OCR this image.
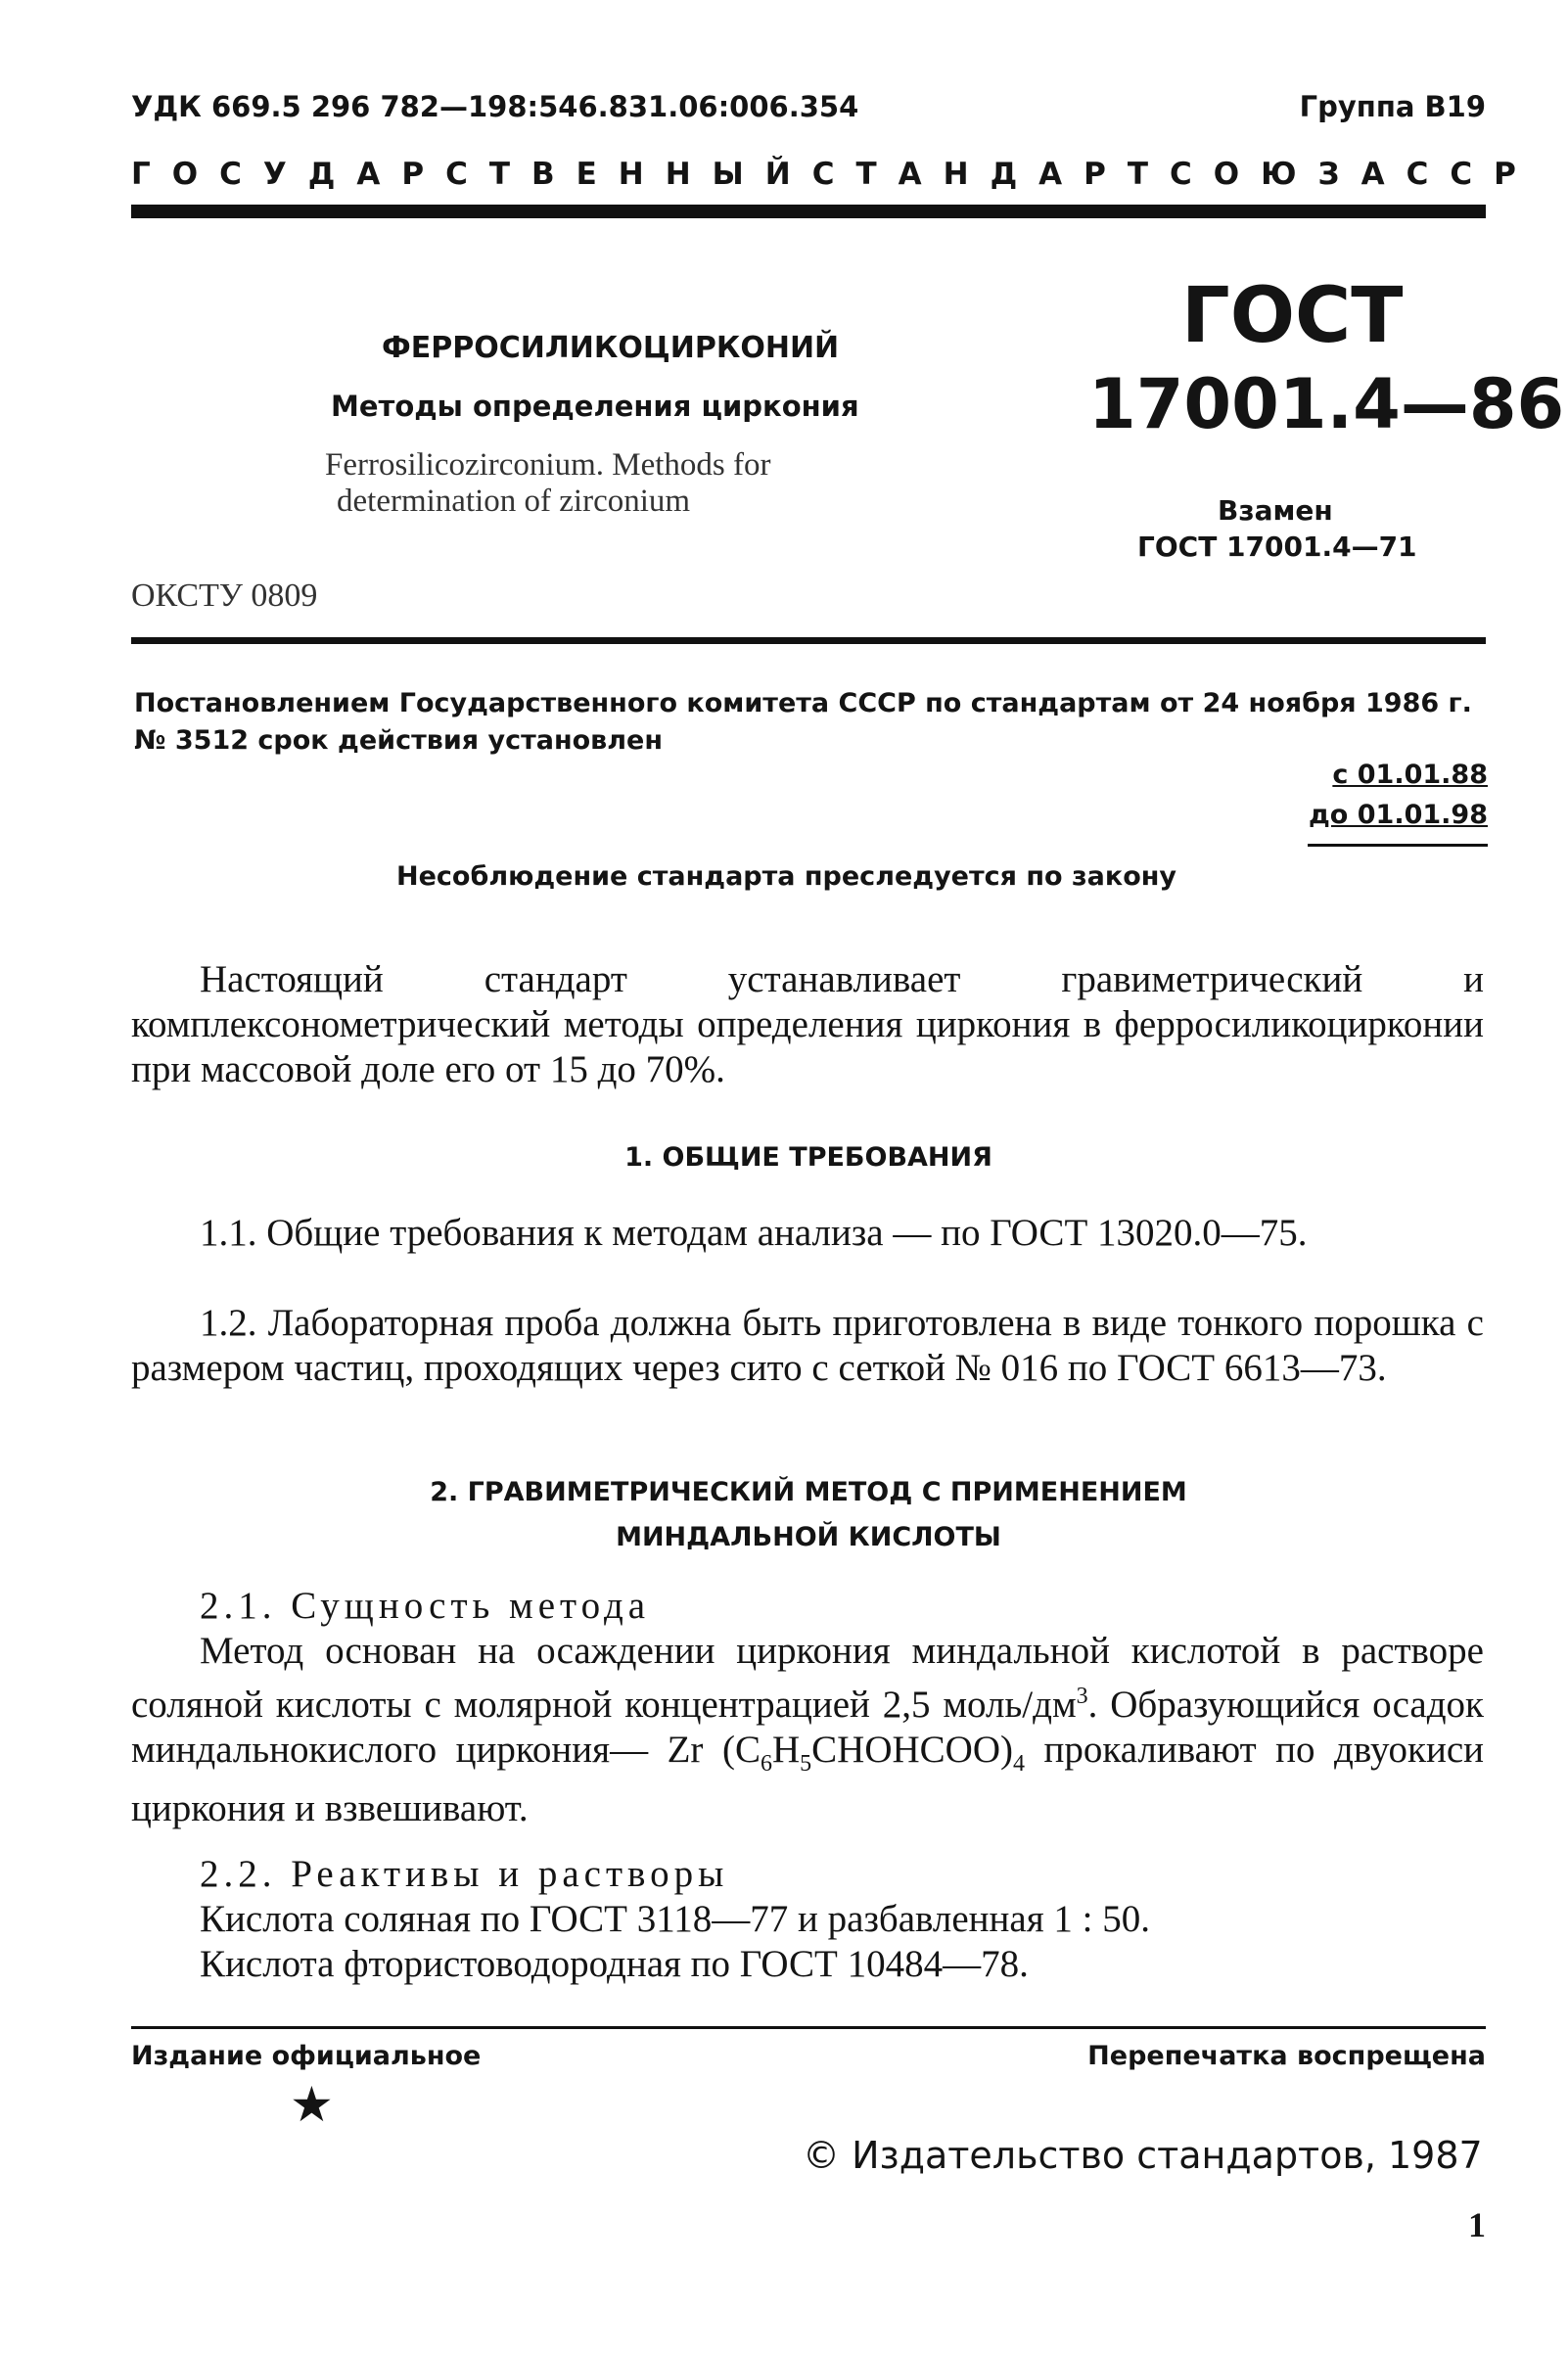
УДК 669.5 296 782—198:546.831.06:006.354	Группа В19
ГОСУДАРСТВЕННЫЙ СТАНДАРТ СОЮЗА ССР
ФЕРРОСИЛИКОЦИРКОНИЙ
Методы определения циркония
Ferrosilicozirconium. Methods for
determination of zirconium
ГОСТ
17001.4—86
Взамен
ГОСТ 17001.4—71
ОКСТУ 0809
Постановлением Государственного комитета СССР по стандартам от 24 ноября 1986 г. № 3512 срок действия установлен
с 01.01.88
до 01.01.98
Несоблюдение стандарта преследуется по закону

Настоящий стандарт устанавливает гравиметрический и комплексонометрический методы определения циркония в ферросиликоцирконии при массовой доле его от 15 до 70%.

1. ОБЩИЕ ТРЕБОВАНИЯ

1.1. Общие требования к методам анализа — по ГОСТ 13020.0—75.

1.2. Лабораторная проба должна быть приготовлена в виде тонкого порошка с размером частиц, проходящих через сито с сеткой № 016 по ГОСТ 6613—73.

2. ГРАВИМЕТРИЧЕСКИЙ МЕТОД С ПРИМЕНЕНИЕМ
МИНДАЛЬНОЙ КИСЛОТЫ
2.1. Сущность метода

Метод основан на осаждении циркония миндальной кислотой в растворе соляной кислоты с молярной концентрацией 2,5 моль/$дм^3$. Образующийся осадок миндальнокислого циркония— Zr $(C_6H_5CHOHCOO)_4$ прокаливают по двуокиси циркония и взвешивают.

2.2. Реактивы и растворы

Кислота соляная по ГОСТ 3118—77 и разбавленная 1 : 50.

Кислота фтористоводородная по ГОСТ 10484—78.

Издание официальное	Перепечатка воспрещена
★
© Издательство стандартов, 1987
1
